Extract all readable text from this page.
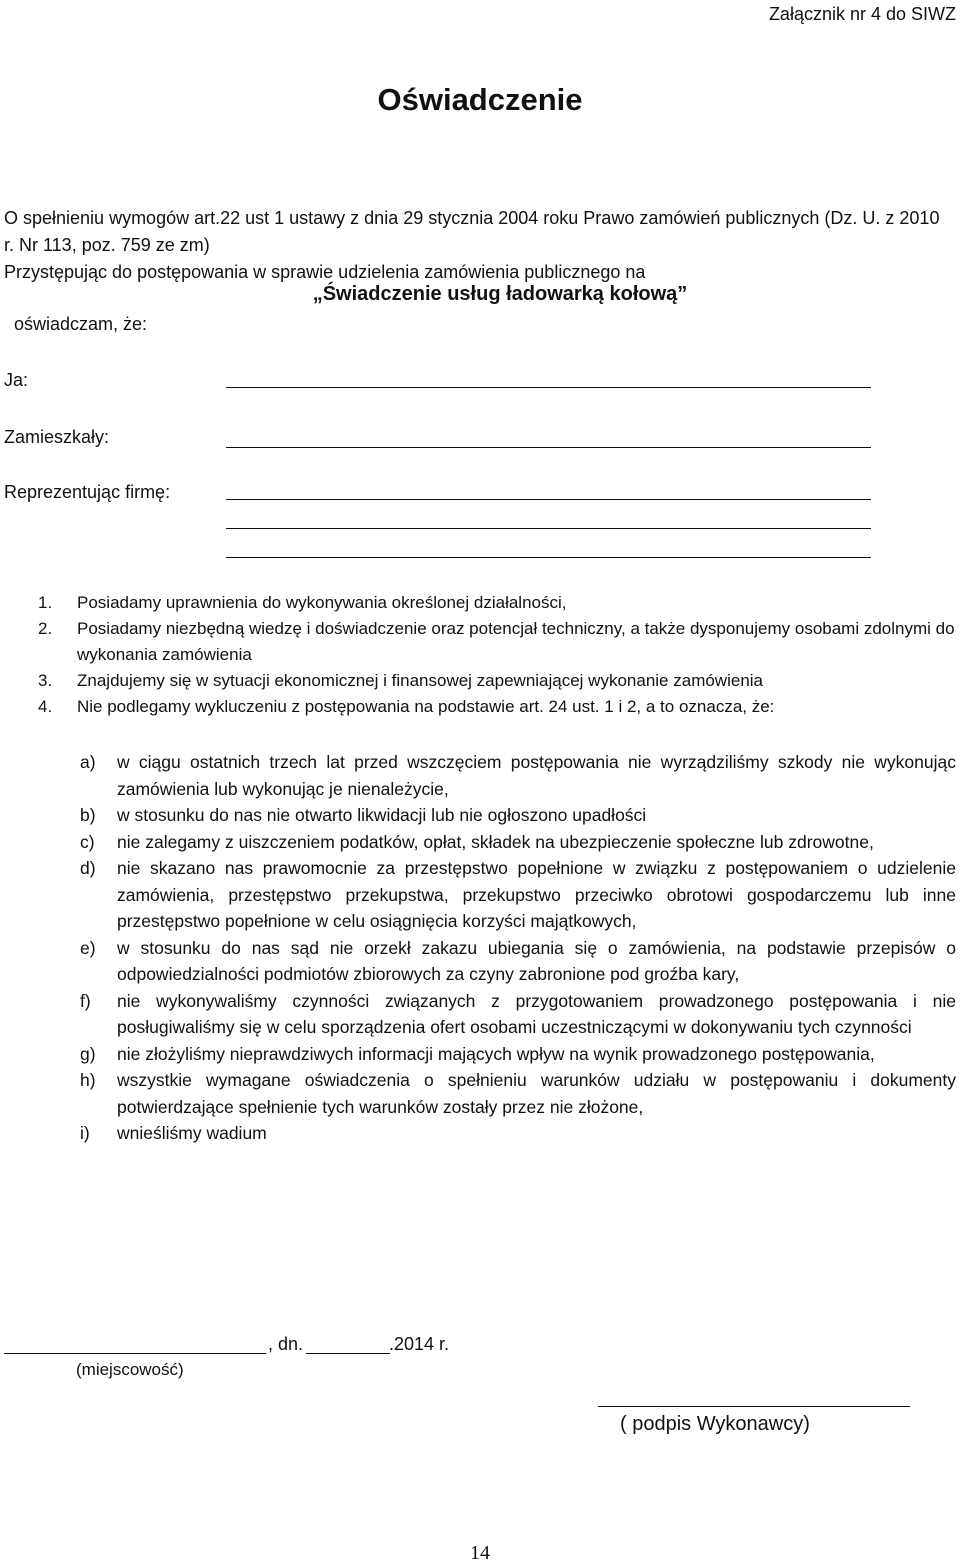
Załącznik nr 4 do SIWZ
Oświadczenie

O spełnieniu wymogów art.22 ust 1 ustawy z dnia 29 stycznia 2004 roku Prawo zamówień publicznych (Dz. U. z 2010 r. Nr 113, poz. 759 ze zm)

Przystępując do postępowania w sprawie udzielenia zamówienia publicznego na

„Świadczenie usług ładowarką kołową”
oświadczam, że:
Ja:
Zamieszkały:
Reprezentując firmę:
1.	Posiadamy uprawnienia do wykonywania określonej działalności,
2.	Posiadamy niezbędną wiedzę i doświadczenie oraz potencjał techniczny, a także dysponujemy osobami zdolnymi do wykonania zamówienia
3.	Znajdujemy się w sytuacji ekonomicznej i finansowej zapewniającej wykonanie zamówienia
4.	Nie podlegamy wykluczeniu z postępowania na podstawie art. 24 ust. 1 i 2, a to oznacza, że:
a)	w ciągu ostatnich trzech lat przed wszczęciem postępowania nie wyrządziliśmy szkody nie wykonując zamówienia lub wykonując je nienależycie,
b)	w stosunku do nas nie otwarto likwidacji lub nie ogłoszono upadłości
c)	nie zalegamy z uiszczeniem podatków, opłat, składek na ubezpieczenie społeczne lub zdrowotne,
d)	nie skazano nas prawomocnie za przestępstwo popełnione w związku z postępowaniem o udzielenie zamówienia, przestępstwo przekupstwa, przekupstwo przeciwko obrotowi gospodarczemu lub inne przestępstwo popełnione w celu osiągnięcia korzyści majątkowych,
e)	w stosunku do nas sąd nie orzekł zakazu ubiegania się o zamówienia, na podstawie przepisów o odpowiedzialności podmiotów zbiorowych za czyny zabronione pod groźba kary,
f)	nie wykonywaliśmy czynności związanych z przygotowaniem prowadzonego postępowania i nie posługiwaliśmy się w celu sporządzenia ofert osobami uczestniczącymi w dokonywaniu tych czynności
g)	nie złożyliśmy nieprawdziwych informacji mających wpływ na wynik prowadzonego postępowania,
h)	wszystkie wymagane oświadczenia o spełnieniu warunków udziału w postępowaniu i dokumenty potwierdzające spełnienie tych warunków zostały przez nie złożone,
i)	wnieśliśmy wadium
, dn.	.2014 r.
(miejscowość)
( podpis Wykonawcy)
14
